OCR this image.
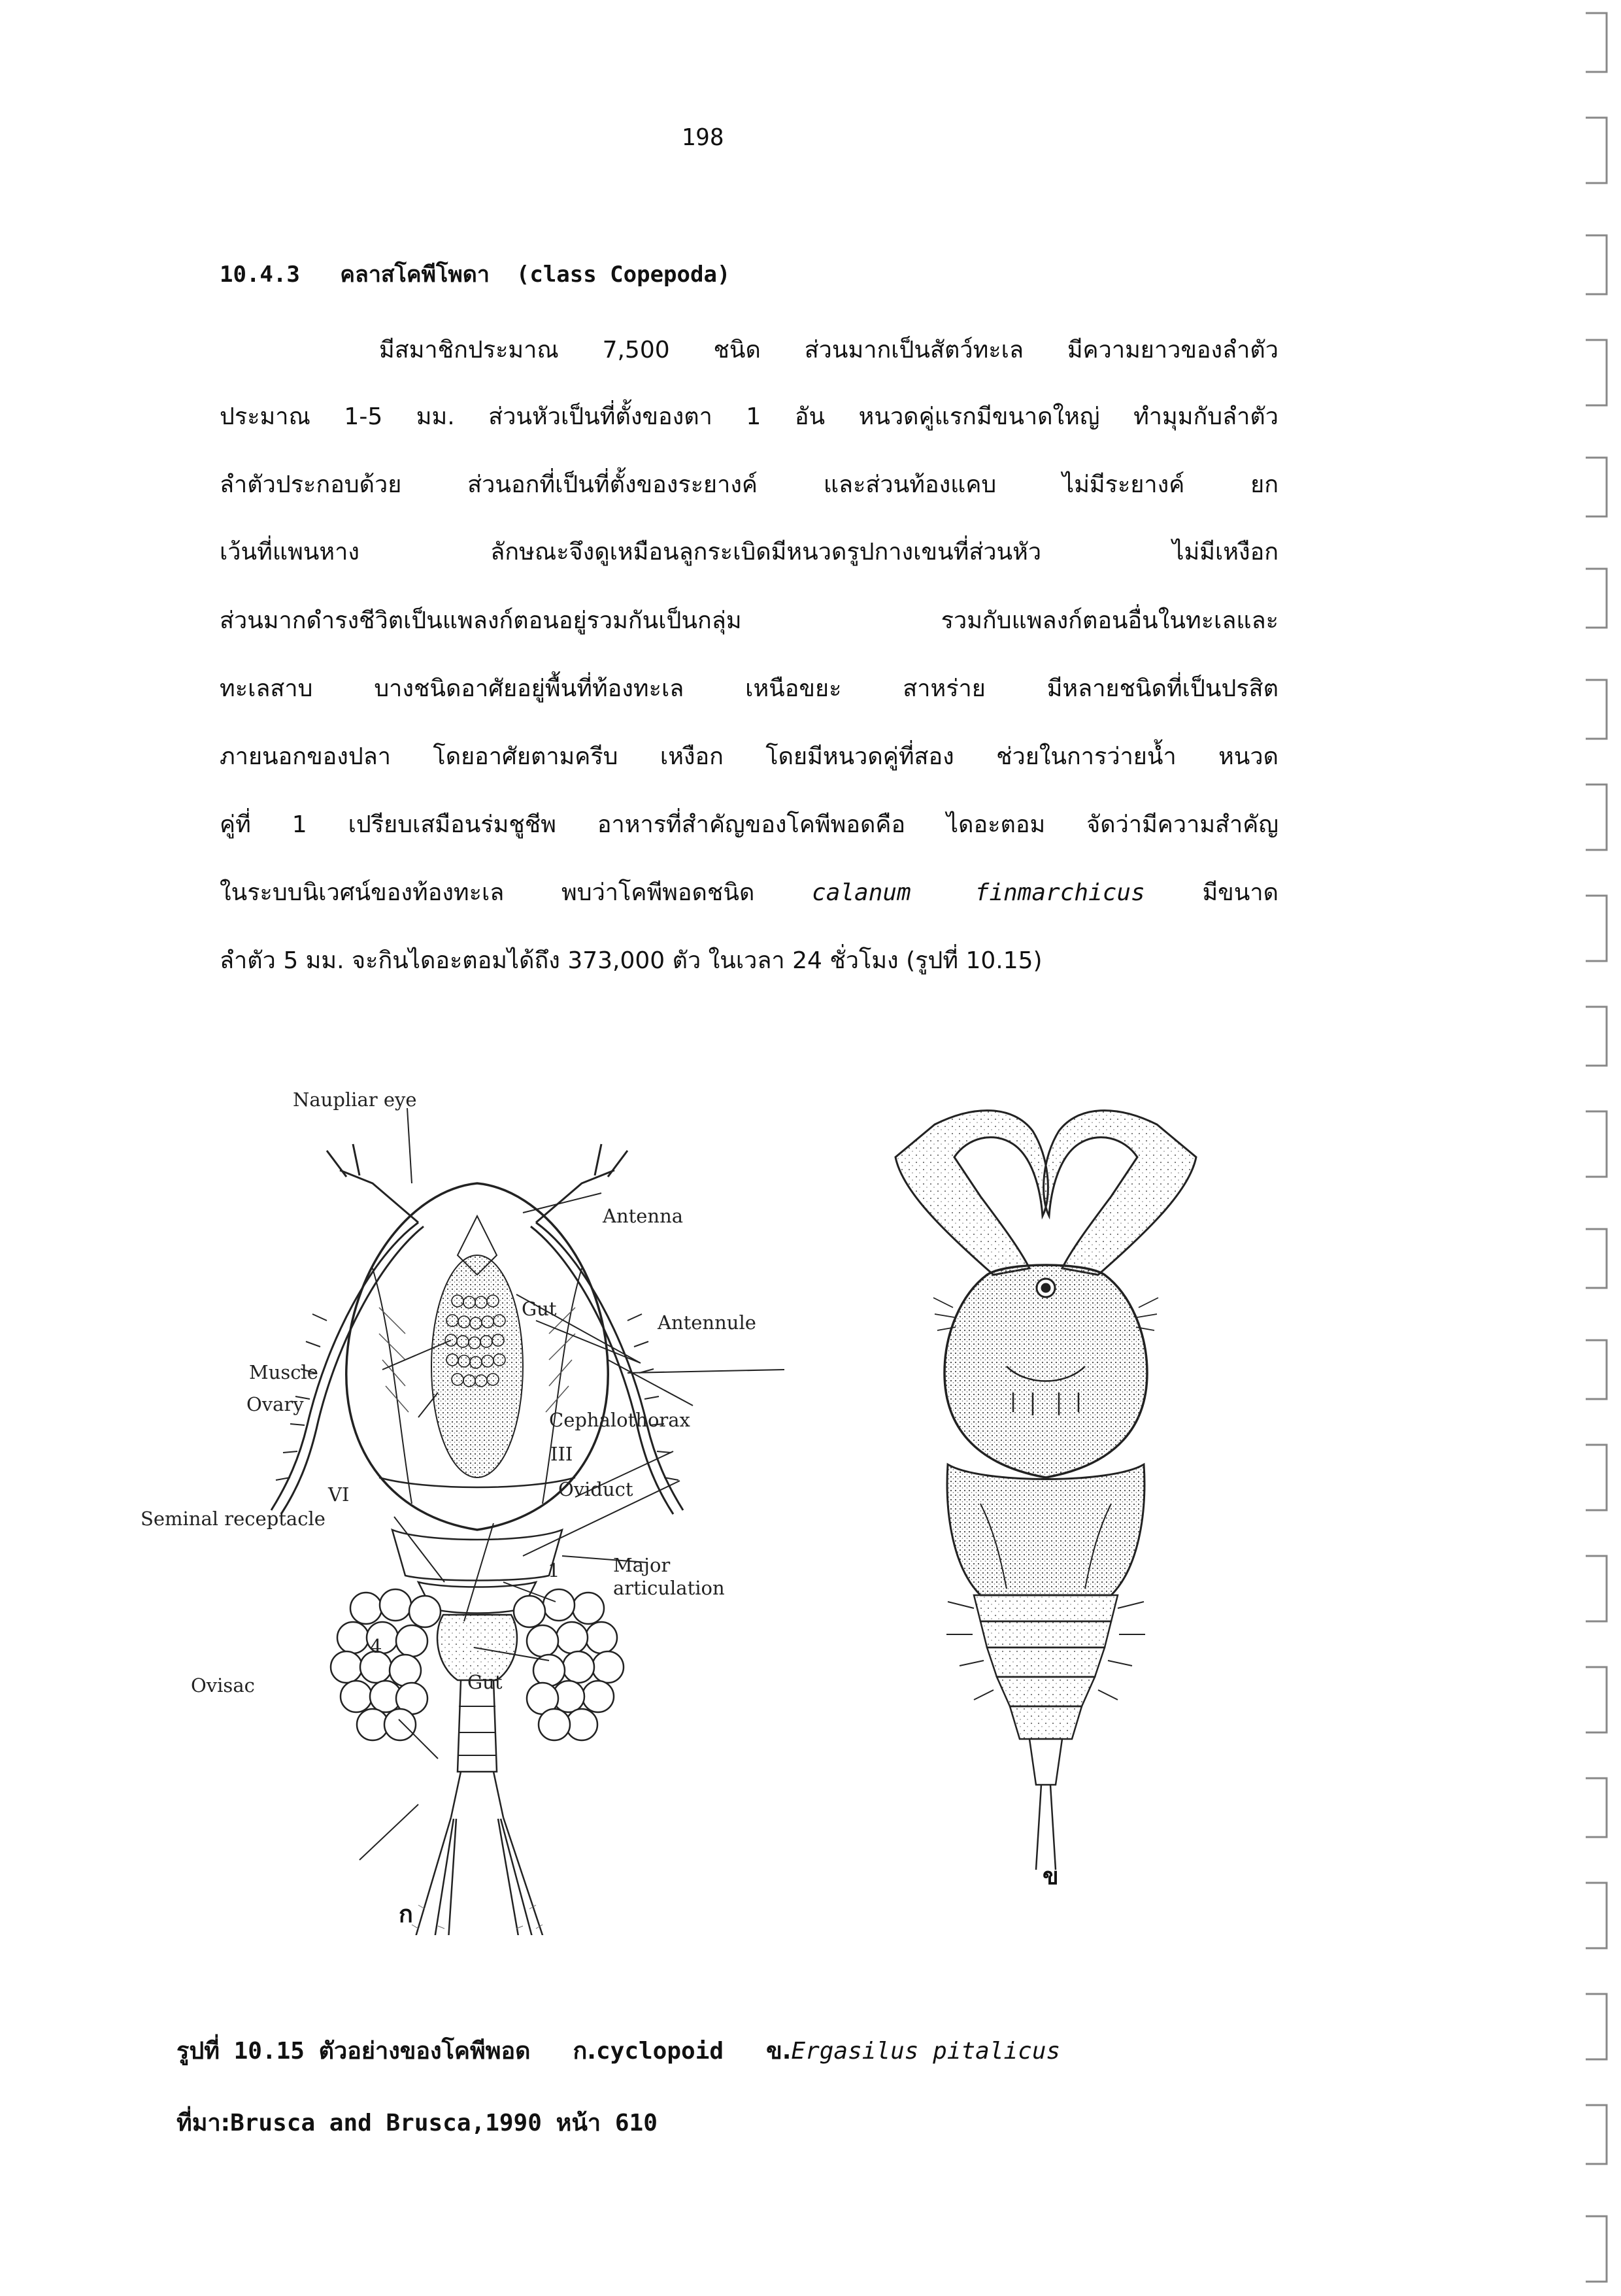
198
10.4.3 คลาสโคพีโพดา (class Copepoda)
มีสมาชิกประมาณ 7,500 ชนิด ส่วนมากเป็นสัตว์ทะเล มีความยาวของลำตัว
ประมาณ 1-5 มม. ส่วนหัวเป็นที่ตั้งของตา 1 อัน หนวดคู่แรกมีขนาดใหญ่ ทำมุมกับลำตัว
ลำตัวประกอบด้วย ส่วนอกที่เป็นที่ตั้งของระยางค์ และส่วนท้องแคบ ไม่มีระยางค์ ยก
เว้นที่แพนหาง ลักษณะจึงดูเหมือนลูกระเบิดมีหนวดรูปกางเขนที่ส่วนหัว ไม่มีเหงือก
ส่วนมากดำรงชีวิตเป็นแพลงก์ตอนอยู่รวมกันเป็นกลุ่ม รวมกับแพลงก์ตอนอื่นในทะเลและ
ทะเลสาบ บางชนิดอาศัยอยู่พื้นที่ท้องทะเล เหนือขยะ สาหร่าย มีหลายชนิดที่เป็นปรสิต
ภายนอกของปลา โดยอาศัยตามครีบ เหงือก โดยมีหนวดคู่ที่สอง ช่วยในการว่ายน้ำ หนวด
คู่ที่ 1 เปรียบเสมือนร่มชูชีพ อาหารที่สำคัญของโคพีพอดคือ ไดอะตอม จัดว่ามีความสำคัญ
ในระบบนิเวศน์ของท้องทะเล พบว่าโคพีพอดชนิด calanum finmarchicus มีขนาด
ลำตัว 5 มม. จะกินไดอะตอมได้ถึง 373,000 ตัว ในเวลา 24 ชั่วโมง (รูปที่ 10.15)
Naupliar eye
Antenna
Gut
Antennule
Muscle
Ovary
Cephalothorax
III
Oviduct
VI
Seminal receptacle
1	Major
articulation
4
Gut
Ovisac
ก
ข
รูปที่ 10.15 ตัวอย่างของโคพีพอด ก.cyclopoid ข.Ergasilus pitalicus
ที่มา:Brusca and Brusca,1990 หน้า 610
